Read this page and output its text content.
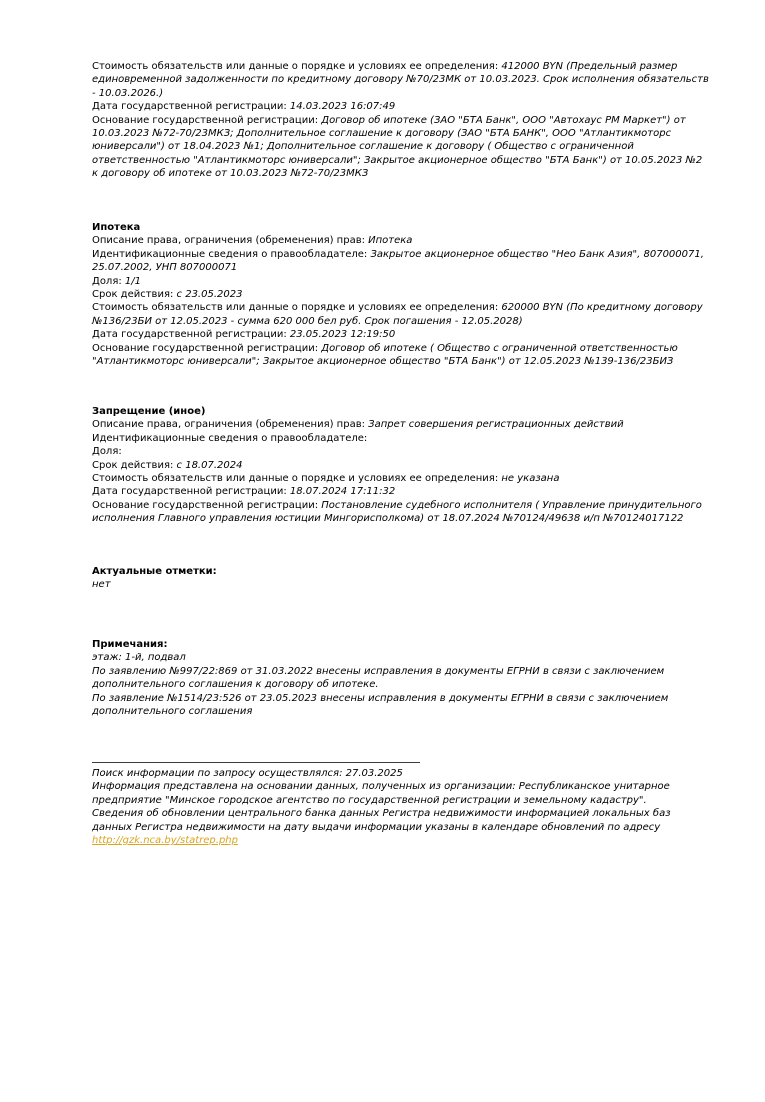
Стоимость обязательств или данные о порядке и условиях ее определения: 412000 BYN (Предельный размер единовременной задолженности по кредитному договору №70/23МК от 10.03.2023. Срок исполнения обязательств - 10.03.2026.)

Дата государственной регистрации: 14.03.2023 16:07:49

Основание государственной регистрации: Договор об ипотеке (ЗАО "БТА Банк", ООО "Автохаус РМ Маркет") от 10.03.2023 №72-70/23МКЗ; Дополнительное соглашение к договору (ЗАО "БТА БАНК", ООО "Атлантикмоторс юниверсали") от 18.04.2023 №1; Дополнительное соглашение к договору ( Общество с ограниченной ответственностью "Атлантикмоторс юниверсали"; Закрытое акционерное общество "БТА Банк") от 10.05.2023 №2 к договору об ипотеке от 10.03.2023 №72-70/23МКЗ

Ипотека

Описание права, ограничения (обременения) прав: Ипотека

Идентификационные сведения о правообладателе: Закрытое акционерное общество "Нео Банк Азия", 807000071, 25.07.2002, УНП 807000071

Доля: 1/1

Срок действия: с 23.05.2023

Стоимость обязательств или данные о порядке и условиях ее определения: 620000 BYN (По кредитному договору №136/23БИ от 12.05.2023 - сумма 620 000 бел руб. Срок погашения - 12.05.2028)

Дата государственной регистрации: 23.05.2023 12:19:50

Основание государственной регистрации: Договор об ипотеке ( Общество с ограниченной ответственностью "Атлантикмоторс юниверсали"; Закрытое акционерное общество "БТА Банк") от 12.05.2023 №139-136/23БИЗ

Запрещение (иное)

Описание права, ограничения (обременения) прав: Запрет совершения регистрационных действий

Идентификационные сведения о правообладателе:

Доля:

Срок действия: с 18.07.2024

Стоимость обязательств или данные о порядке и условиях ее определения: не указана

Дата государственной регистрации: 18.07.2024 17:11:32

Основание государственной регистрации: Постановление судебного исполнителя ( Управление принудительного исполнения Главного управления юстиции Мингорисполкома) от 18.07.2024 №70124/49638 и/п №70124017122

Актуальные отметки:

нет

Примечания:

этаж: 1-й, подвал

По заявлению №997/22:869 от 31.03.2022 внесены исправления в документы ЕГРНИ в связи с заключением дополнительного соглашения к договору об ипотеке.

По заявление №1514/23:526 от 23.05.2023 внесены исправления в документы ЕГРНИ в связи с заключением дополнительного соглашения

Поиск информации по запросу осуществлялся: 27.03.2025

Информация представлена на основании данных, полученных из организации: Республиканское унитарное предприятие "Минское городское агентство по государственной регистрации и земельному кадастру".

Сведения об обновлении центрального банка данных Регистра недвижимости информацией локальных баз данных Регистра недвижимости на дату выдачи информации указаны в календаре обновлений по адресу http://gzk.nca.by/statrep.php
